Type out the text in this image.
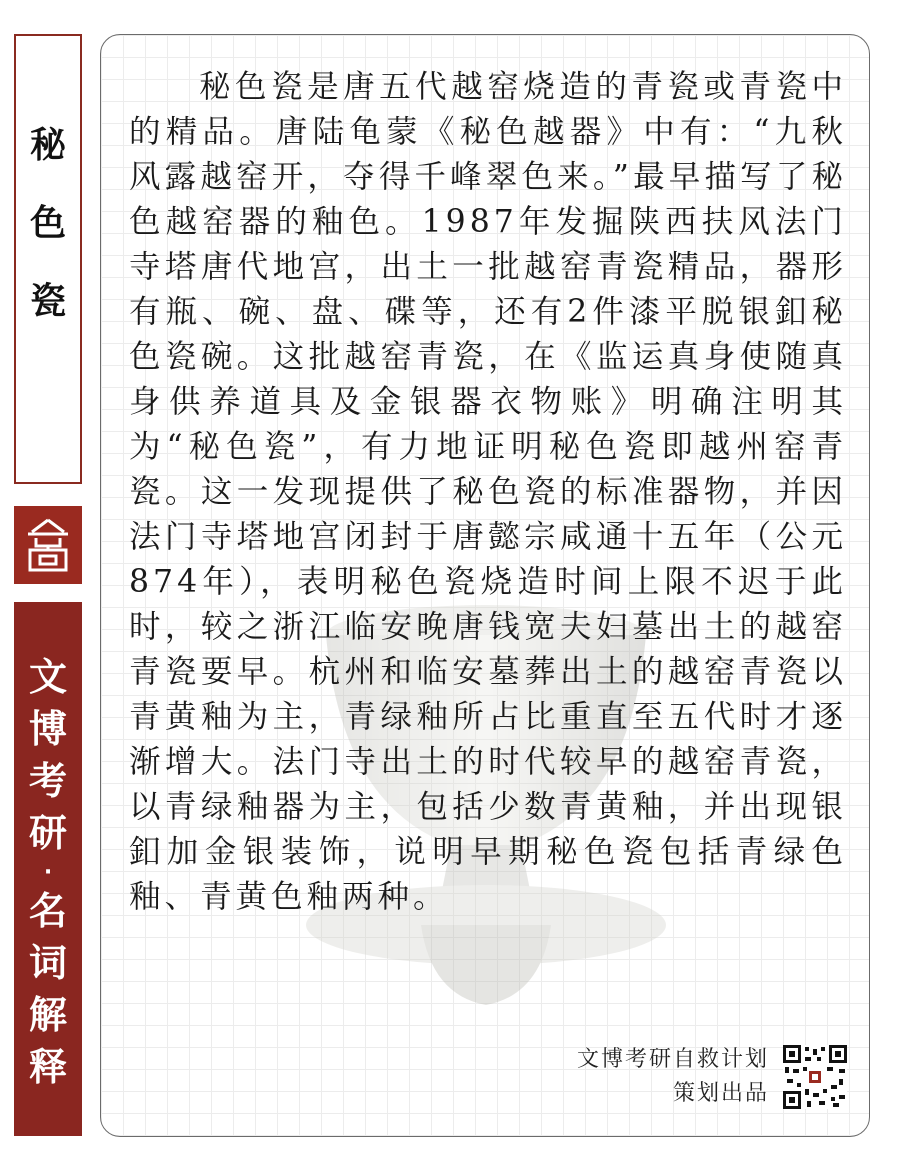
秘
色
瓷
文
博
考
研
·
名
词
解
释

秘色瓷是唐五代越窑烧造的青瓷或青瓷中的精品。唐陆龟蒙《秘色越器》中有：“九秋风露越窑开，夺得千峰翠色来。”最早描写了秘色越窑器的釉色。1987年发掘陕西扶风法门寺塔唐代地宫，出土一批越窑青瓷精品，器形有瓶、碗、盘、碟等，还有2件漆平脱银釦秘色瓷碗。这批越窑青瓷，在《监运真身使随真身供养道具及金银器衣物账》明确注明其为“秘色瓷”，有力地证明秘色瓷即越州窑青瓷。这一发现提供了秘色瓷的标准器物，并因法门寺塔地宫闭封于唐懿宗咸通十五年（公元874年），表明秘色瓷烧造时间上限不迟于此时，较之浙江临安晚唐钱宽夫妇墓出土的越窑青瓷要早。杭州和临安墓葬出土的越窑青瓷以青黄釉为主，青绿釉所占比重直至五代时才逐渐增大。法门寺出土的时代较早的越窑青瓷，以青绿釉器为主，包括少数青黄釉，并出现银釦加金银装饰，说明早期秘色瓷包括青绿色釉、青黄色釉两种。

文博考研自救计划
策划出品
